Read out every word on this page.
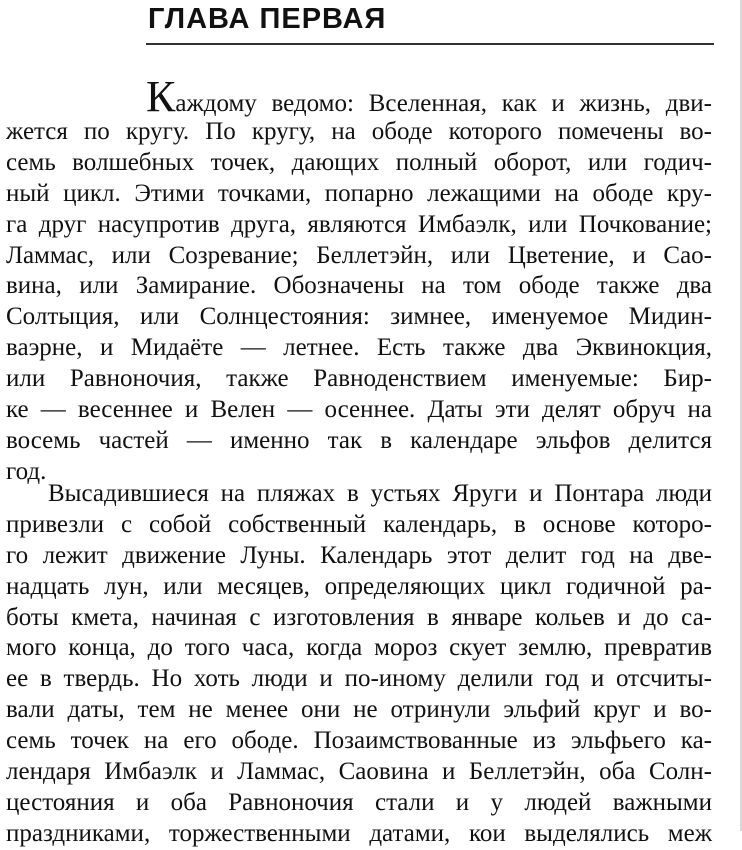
ГЛАВА ПЕРВАЯ
Каждому ведомо: Вселенная, как и жизнь, дви-
жется по кругу. По кругу, на ободе которого помечены во-
семь волшебных точек, дающих полный оборот, или годич-
ный цикл. Этими точками, попарно лежащими на ободе кру-
га друг насупротив друга, являются Имбаэлк, или Почкование;
Ламмас, или Созревание; Беллетэйн, или Цветение, и Сао-
вина, или Замирание. Обозначены на том ободе также два
Солтыция, или Солнцестояния: зимнее, именуемое Мидин-
ваэрне, и Мидаёте — летнее. Есть также два Эквинокция,
или Равноночия, также Равноденствием именуемые: Бир-
ке — весеннее и Велен — осеннее. Даты эти делят обруч на
восемь частей — именно так в календаре эльфов делится
год.
Высадившиеся на пляжах в устьях Яруги и Понтара люди
привезли с собой собственный календарь, в основе которо-
го лежит движение Луны. Календарь этот делит год на две-
надцать лун, или месяцев, определяющих цикл годичной ра-
боты кмета, начиная с изготовления в январе кольев и до са-
мого конца, до того часа, когда мороз скует землю, превратив
ее в твердь. Но хоть люди и по-иному делили год и отсчиты-
вали даты, тем не менее они не отринули эльфий круг и во-
семь точек на его ободе. Позаимствованные из эльфьего ка-
лендаря Имбаэлк и Ламмас, Саовина и Беллетэйн, оба Солн-
цестояния и оба Равноночия стали и у людей важными
праздниками, торжественными датами, кои выделялись меж
